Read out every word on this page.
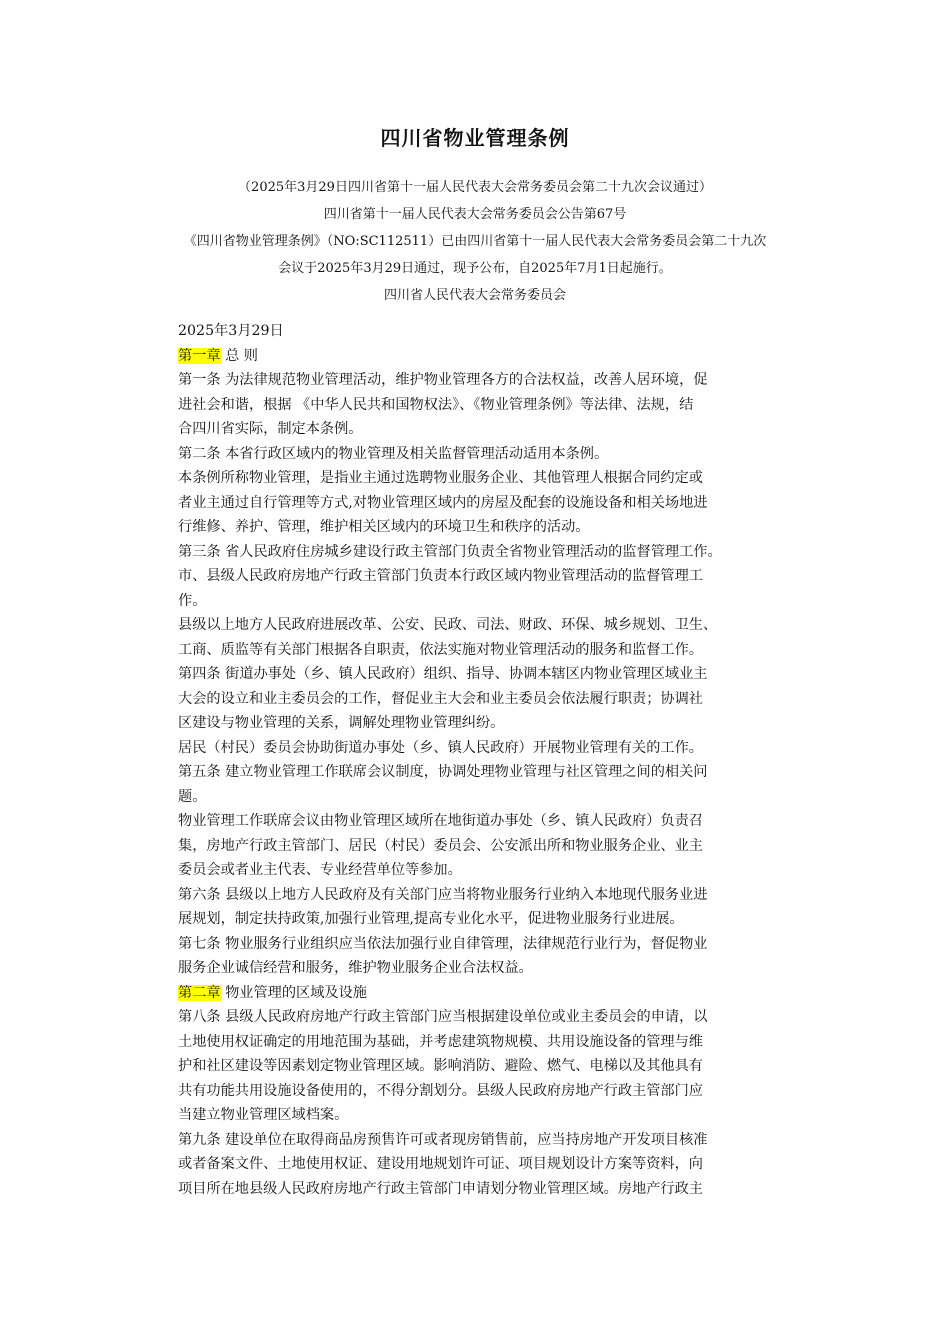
四川省物业管理条例
（2025年3月29日四川省第十一届人民代表大会常务委员会第二十九次会议通过）
四川省第十一届人民代表大会常务委员会公告第67号
《四川省物业管理条例》（NO:SC112511）已由四川省第十一届人民代表大会常务委员会第二十九次
会议于2025年3月29日通过，现予公布，自2025年7月1日起施行。
四川省人民代表大会常务委员会

2025年3月29日

第一章 总 则

第一条 为法律规范物业管理活动，维护物业管理各方的合法权益，改善人居环境，促

进社会和谐，根据 《中华人民共和国物权法》、《物业管理条例》等法律、法规，结

合四川省实际，制定本条例。

第二条 本省行政区域内的物业管理及相关监督管理活动适用本条例。

本条例所称物业管理，是指业主通过选聘物业服务企业、其他管理人根据合同约定或

者业主通过自行管理等方式,对物业管理区域内的房屋及配套的设施设备和相关场地进

行维修、养护、管理，维护相关区域内的环境卫生和秩序的活动。

第三条 省人民政府住房城乡建设行政主管部门负责全省物业管理活动的监督管理工作。

市、县级人民政府房地产行政主管部门负责本行政区域内物业管理活动的监督管理工

作。

县级以上地方人民政府进展改革、公安、民政、司法、财政、环保、城乡规划、卫生、

工商、质监等有关部门根据各自职责，依法实施对物业管理活动的服务和监督工作。

第四条 街道办事处（乡、镇人民政府）组织、指导、协调本辖区内物业管理区域业主

大会的设立和业主委员会的工作，督促业主大会和业主委员会依法履行职责；协调社

区建设与物业管理的关系，调解处理物业管理纠纷。

居民（村民）委员会协助街道办事处（乡、镇人民政府）开展物业管理有关的工作。

第五条 建立物业管理工作联席会议制度，协调处理物业管理与社区管理之间的相关问

题。

物业管理工作联席会议由物业管理区域所在地街道办事处（乡、镇人民政府）负责召

集，房地产行政主管部门、居民（村民）委员会、公安派出所和物业服务企业、业主

委员会或者业主代表、专业经营单位等参加。

第六条 县级以上地方人民政府及有关部门应当将物业服务行业纳入本地现代服务业进

展规划，制定扶持政策,加强行业管理,提高专业化水平，促进物业服务行业进展。

第七条 物业服务行业组织应当依法加强行业自律管理，法律规范行业行为，督促物业

服务企业诚信经营和服务，维护物业服务企业合法权益。

第二章 物业管理的区域及设施

第八条 县级人民政府房地产行政主管部门应当根据建设单位或业主委员会的申请，以

土地使用权证确定的用地范围为基础，并考虑建筑物规模、共用设施设备的管理与维

护和社区建设等因素划定物业管理区域。影响消防、避险、燃气、电梯以及其他具有

共有功能共用设施设备使用的，不得分割划分。县级人民政府房地产行政主管部门应

当建立物业管理区域档案。

第九条 建设单位在取得商品房预售许可或者现房销售前，应当持房地产开发项目核准

或者备案文件、土地使用权证、建设用地规划许可证、项目规划设计方案等资料，向

项目所在地县级人民政府房地产行政主管部门申请划分物业管理区域。房地产行政主
